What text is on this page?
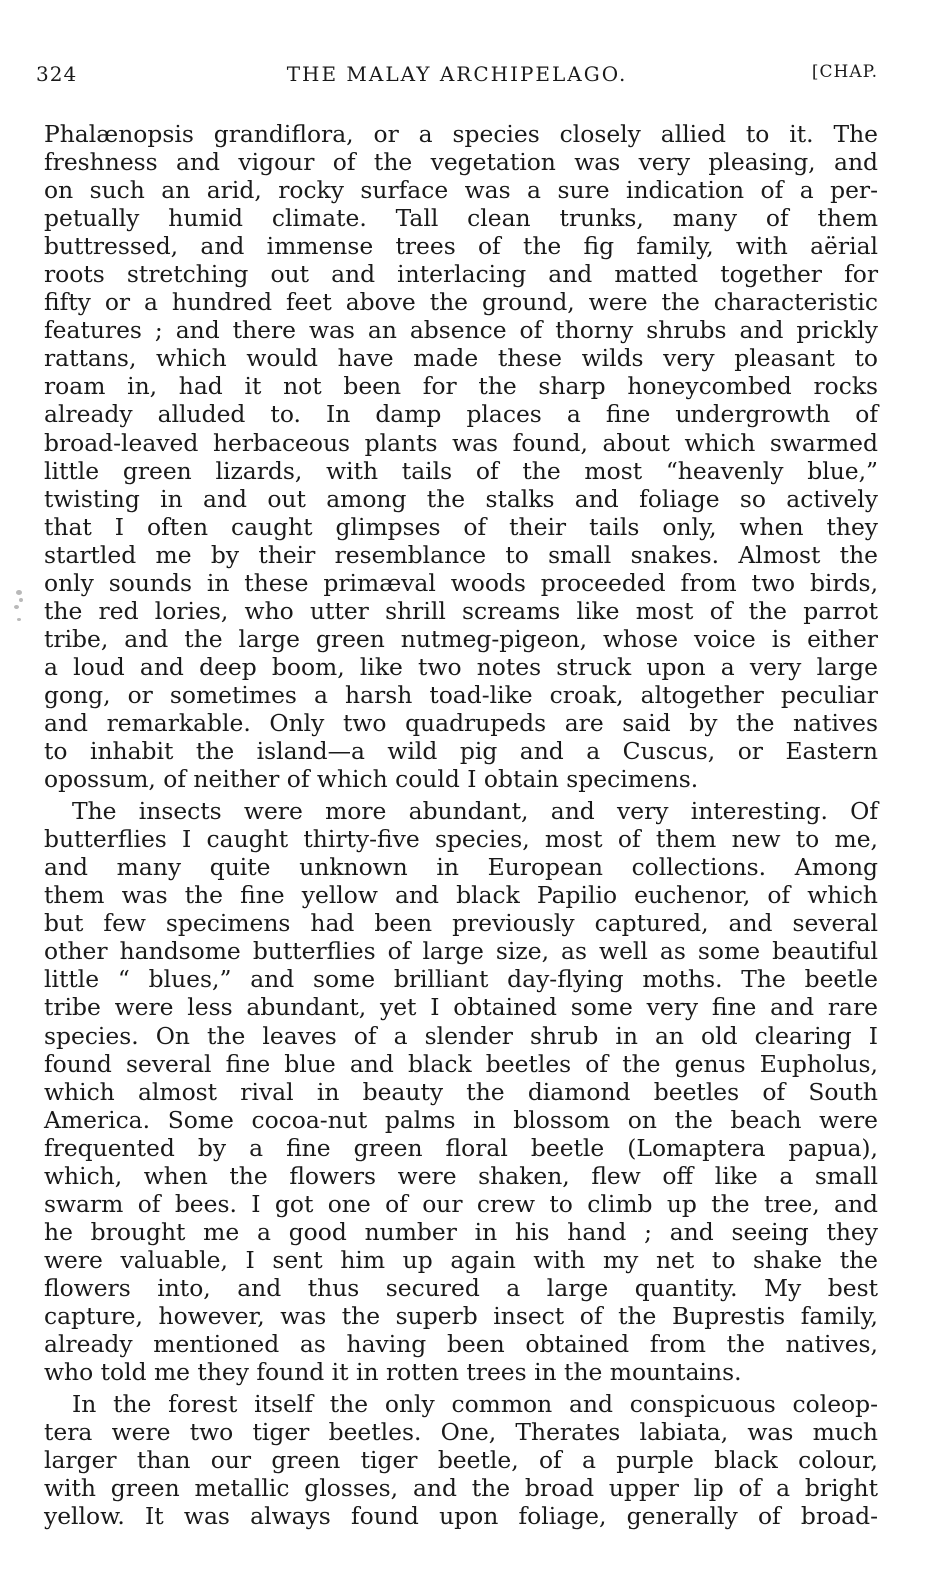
324	THE MALAY ARCHIPELAGO.	[CHAP.
Phalænopsis grandiflora, or a species closely allied to it. The
freshness and vigour of the vegetation was very pleasing, and
on such an arid, rocky surface was a sure indication of a per-
petually humid climate. Tall clean trunks, many of them
buttressed, and immense trees of the fig family, with aërial
roots stretching out and interlacing and matted together for
fifty or a hundred feet above the ground, were the characteristic
features ; and there was an absence of thorny shrubs and prickly
rattans, which would have made these wilds very pleasant to
roam in, had it not been for the sharp honeycombed rocks
already alluded to. In damp places a fine undergrowth of
broad-leaved herbaceous plants was found, about which swarmed
little green lizards, with tails of the most “heavenly blue,”
twisting in and out among the stalks and foliage so actively
that I often caught glimpses of their tails only, when they
startled me by their resemblance to small snakes. Almost the
only sounds in these primæval woods proceeded from two birds,
the red lories, who utter shrill screams like most of the parrot
tribe, and the large green nutmeg-pigeon, whose voice is either
a loud and deep boom, like two notes struck upon a very large
gong, or sometimes a harsh toad-like croak, altogether peculiar
and remarkable. Only two quadrupeds are said by the natives
to inhabit the island—a wild pig and a Cuscus, or Eastern
opossum, of neither of which could I obtain specimens.
The insects were more abundant, and very interesting. Of
butterflies I caught thirty-five species, most of them new to me,
and many quite unknown in European collections. Among
them was the fine yellow and black Papilio euchenor, of which
but few specimens had been previously captured, and several
other handsome butterflies of large size, as well as some beautiful
little “ blues,” and some brilliant day-flying moths. The beetle
tribe were less abundant, yet I obtained some very fine and rare
species. On the leaves of a slender shrub in an old clearing I
found several fine blue and black beetles of the genus Eupholus,
which almost rival in beauty the diamond beetles of South
America. Some cocoa-nut palms in blossom on the beach were
frequented by a fine green floral beetle (Lomaptera papua),
which, when the flowers were shaken, flew off like a small
swarm of bees. I got one of our crew to climb up the tree, and
he brought me a good number in his hand ; and seeing they
were valuable, I sent him up again with my net to shake the
flowers into, and thus secured a large quantity. My best
capture, however, was the superb insect of the Buprestis family,
already mentioned as having been obtained from the natives,
who told me they found it in rotten trees in the mountains.
In the forest itself the only common and conspicuous coleop-
tera were two tiger beetles. One, Therates labiata, was much
larger than our green tiger beetle, of a purple black colour,
with green metallic glosses, and the broad upper lip of a bright
yellow. It was always found upon foliage, generally of broad-
